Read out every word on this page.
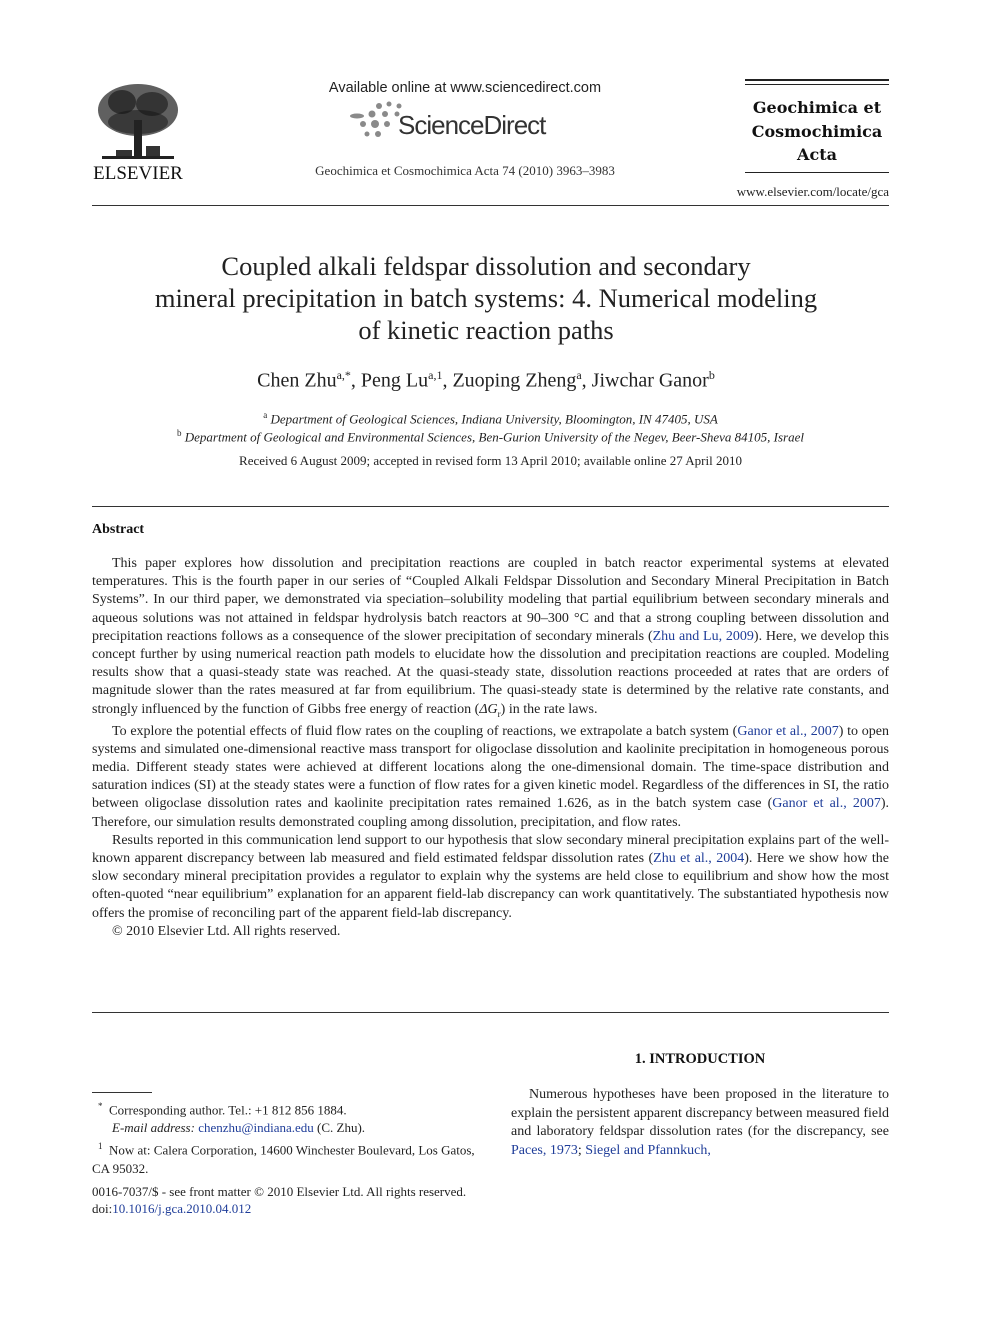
ELSEVIER
Available online at www.sciencedirect.com
ScienceDirect
Geochimica et Cosmochimica Acta 74 (2010) 3963–3983
Geochimica et
Cosmochimica
Acta
www.elsevier.com/locate/gca
Coupled alkali feldspar dissolution and secondary
mineral precipitation in batch systems: 4. Numerical modeling
of kinetic reaction paths
Chen Zhu$^{a,*}$, Peng Lu$^{a,1}$, Zuoping Zheng$^a$, Jiwchar Ganor$^b$
$^a$ Department of Geological Sciences, Indiana University, Bloomington, IN 47405, USA
$^b$ Department of Geological and Environmental Sciences, Ben-Gurion University of the Negev, Beer-Sheva 84105, Israel
Received 6 August 2009; accepted in revised form 13 April 2010; available online 27 April 2010
Abstract

This paper explores how dissolution and precipitation reactions are coupled in batch reactor experimental systems at elevated temperatures. This is the fourth paper in our series of “Coupled Alkali Feldspar Dissolution and Secondary Mineral Precipitation in Batch Systems”. In our third paper, we demonstrated via speciation–solubility modeling that partial equilibrium between secondary minerals and aqueous solutions was not attained in feldspar hydrolysis batch reactors at 90–300 °C and that a strong coupling between dissolution and precipitation reactions follows as a consequence of the slower precipitation of secondary minerals (Zhu and Lu, 2009). Here, we develop this concept further by using numerical reaction path models to elucidate how the dissolution and precipitation reactions are coupled. Modeling results show that a quasi-steady state was reached. At the quasi-steady state, dissolution reactions proceeded at rates that are orders of magnitude slower than the rates measured at far from equilibrium. The quasi-steady state is determined by the relative rate constants, and strongly influenced by the function of Gibbs free energy of reaction $(\Delta G_r)$ in the rate laws.

To explore the potential effects of fluid flow rates on the coupling of reactions, we extrapolate a batch system (Ganor et al., 2007) to open systems and simulated one-dimensional reactive mass transport for oligoclase dissolution and kaolinite precipitation in homogeneous porous media. Different steady states were achieved at different locations along the one-dimensional domain. The time-space distribution and saturation indices (SI) at the steady states were a function of flow rates for a given kinetic model. Regardless of the differences in SI, the ratio between oligoclase dissolution rates and kaolinite precipitation rates remained 1.626, as in the batch system case (Ganor et al., 2007). Therefore, our simulation results demonstrated coupling among dissolution, precipitation, and flow rates.

Results reported in this communication lend support to our hypothesis that slow secondary mineral precipitation explains part of the well-known apparent discrepancy between lab measured and field estimated feldspar dissolution rates (Zhu et al., 2004). Here we show how the slow secondary mineral precipitation provides a regulator to explain why the systems are held close to equilibrium and show how the most often-quoted “near equilibrium” explanation for an apparent field-lab discrepancy can work quantitatively. The substantiated hypothesis now offers the promise of reconciling part of the apparent field-lab discrepancy.

© 2010 Elsevier Ltd. All rights reserved.

* Corresponding author. Tel.: +1 812 856 1884.

E-mail address: chenzhu@indiana.edu (C. Zhu).

$^1$ Now at: Calera Corporation, 14600 Winchester Boulevard, Los Gatos, CA 95032.

0016-7037/$ - see front matter © 2010 Elsevier Ltd. All rights reserved.

doi:10.1016/j.gca.2010.04.012

1. INTRODUCTION

Numerous hypotheses have been proposed in the literature to explain the persistent apparent discrepancy between measured field and laboratory feldspar dissolution rates (for the discrepancy, see Paces, 1973; Siegel and Pfannkuch,
